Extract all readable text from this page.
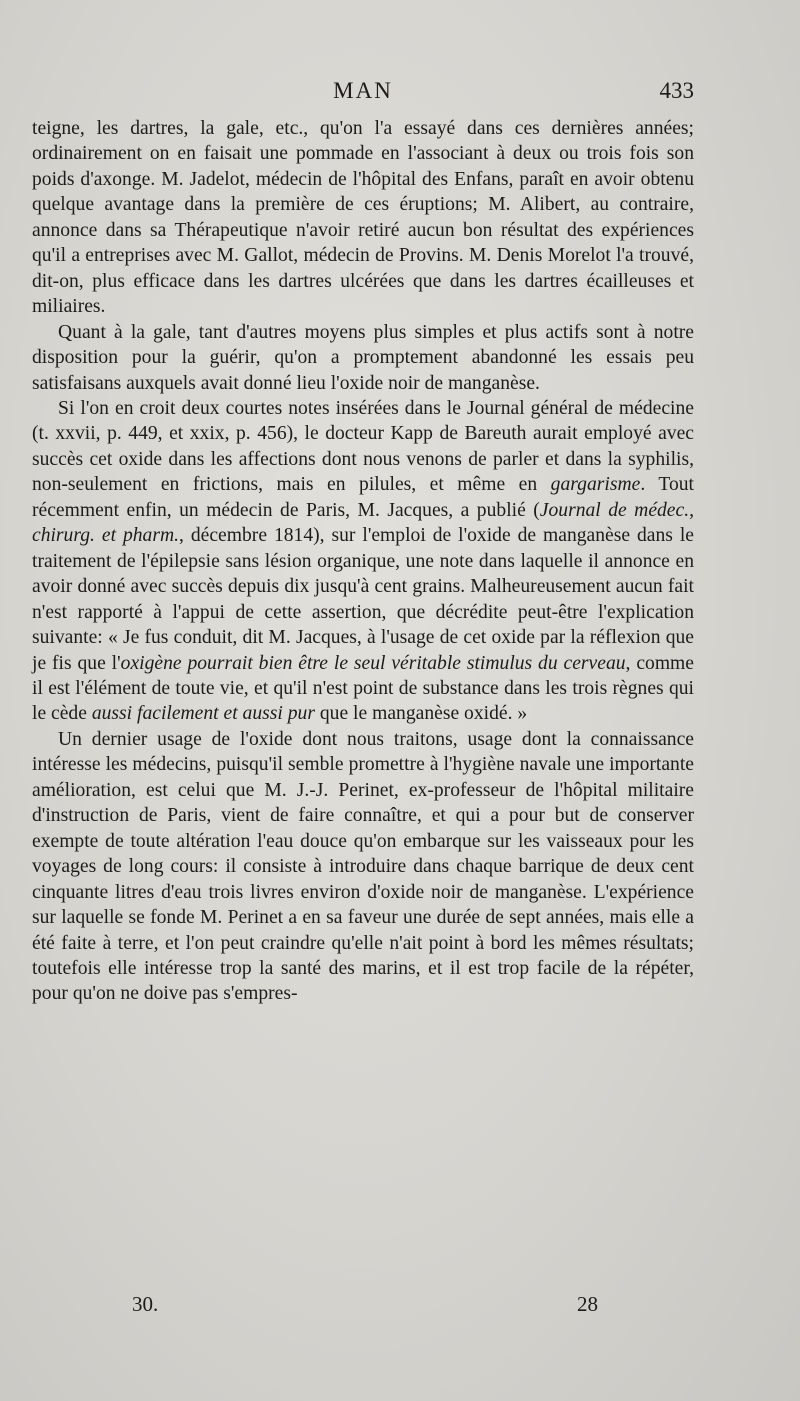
MAN	433

teigne, les dartres, la gale, etc., qu'on l'a essayé dans ces dernières années; ordinairement on en faisait une pommade en l'associant à deux ou trois fois son poids d'axonge. M. Jadelot, médecin de l'hôpital des Enfans, paraît en avoir obtenu quelque avantage dans la première de ces éruptions; M. Alibert, au contraire, annonce dans sa Thérapeutique n'avoir retiré aucun bon résultat des expériences qu'il a entreprises avec M. Gallot, médecin de Provins. M. Denis Morelot l'a trouvé, dit-on, plus efficace dans les dartres ulcérées que dans les dartres écailleuses et miliaires.

Quant à la gale, tant d'autres moyens plus simples et plus actifs sont à notre disposition pour la guérir, qu'on a promptement abandonné les essais peu satisfaisans auxquels avait donné lieu l'oxide noir de manganèse.

Si l'on en croit deux courtes notes insérées dans le Journal général de médecine (t. xxvii, p. 449, et xxix, p. 456), le docteur Kapp de Bareuth aurait employé avec succès cet oxide dans les affections dont nous venons de parler et dans la syphilis, non-seulement en frictions, mais en pilules, et même en gargarisme. Tout récemment enfin, un médecin de Paris, M. Jacques, a publié (Journal de médec., chirurg. et pharm., décembre 1814), sur l'emploi de l'oxide de manganèse dans le traitement de l'épilepsie sans lésion organique, une note dans laquelle il annonce en avoir donné avec succès depuis dix jusqu'à cent grains. Malheureusement aucun fait n'est rapporté à l'appui de cette assertion, que décrédite peut-être l'explication suivante: « Je fus conduit, dit M. Jacques, à l'usage de cet oxide par la réflexion que je fis que l'oxigène pourrait bien être le seul véritable stimulus du cerveau, comme il est l'élément de toute vie, et qu'il n'est point de substance dans les trois règnes qui le cède aussi facilement et aussi pur que le manganèse oxidé. »

Un dernier usage de l'oxide dont nous traitons, usage dont la connaissance intéresse les médecins, puisqu'il semble promettre à l'hygiène navale une importante amélioration, est celui que M. J.-J. Perinet, ex-professeur de l'hôpital militaire d'instruction de Paris, vient de faire connaître, et qui a pour but de conserver exempte de toute altération l'eau douce qu'on embarque sur les vaisseaux pour les voyages de long cours: il consiste à introduire dans chaque barrique de deux cent cinquante litres d'eau trois livres environ d'oxide noir de manganèse. L'expérience sur laquelle se fonde M. Perinet a en sa faveur une durée de sept années, mais elle a été faite à terre, et l'on peut craindre qu'elle n'ait point à bord les mêmes résultats; toutefois elle intéresse trop la santé des marins, et il est trop facile de la répéter, pour qu'on ne doive pas s'empres-

30.	28
